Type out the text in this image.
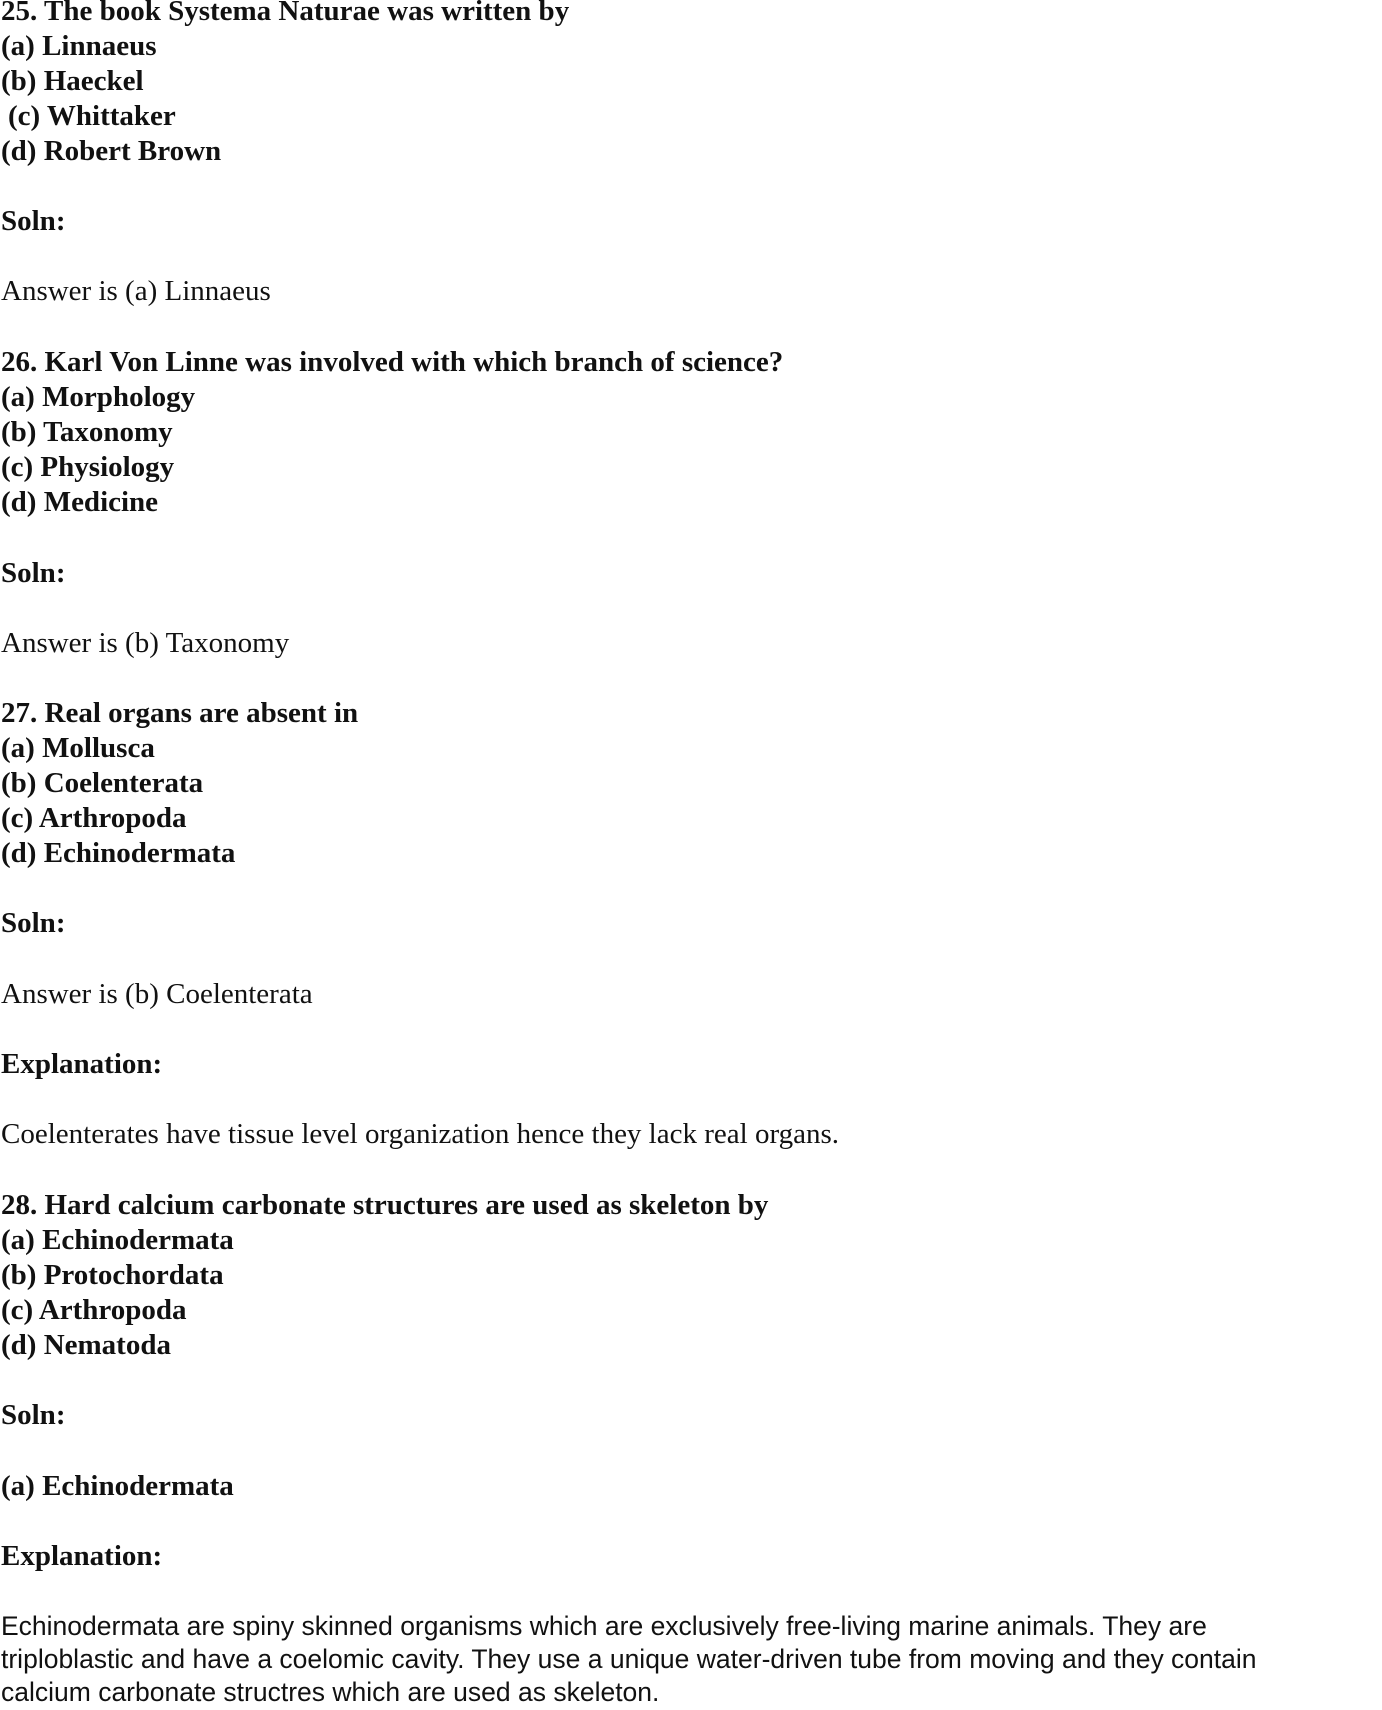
25. The book Systema Naturae was written by
(a) Linnaeus
(b) Haeckel
(c) Whittaker
(d) Robert Brown
Soln:
Answer is (a) Linnaeus
26. Karl Von Linne was involved with which branch of science?
(a) Morphology
(b) Taxonomy
(c) Physiology
(d) Medicine
Soln:
Answer is (b) Taxonomy
27. Real organs are absent in
(a) Mollusca
(b) Coelenterata
(c) Arthropoda
(d) Echinodermata
Soln:
Answer is (b) Coelenterata
Explanation:
Coelenterates have tissue level organization hence they lack real organs.
28. Hard calcium carbonate structures are used as skeleton by
(a) Echinodermata
(b) Protochordata
(c) Arthropoda
(d) Nematoda
Soln:
(a) Echinodermata
Explanation:
Echinodermata are spiny skinned organisms which are exclusively free-living marine animals. They are
triploblastic and have a coelomic cavity. They use a unique water-driven tube from moving and they contain
calcium carbonate structres which are used as skeleton.
